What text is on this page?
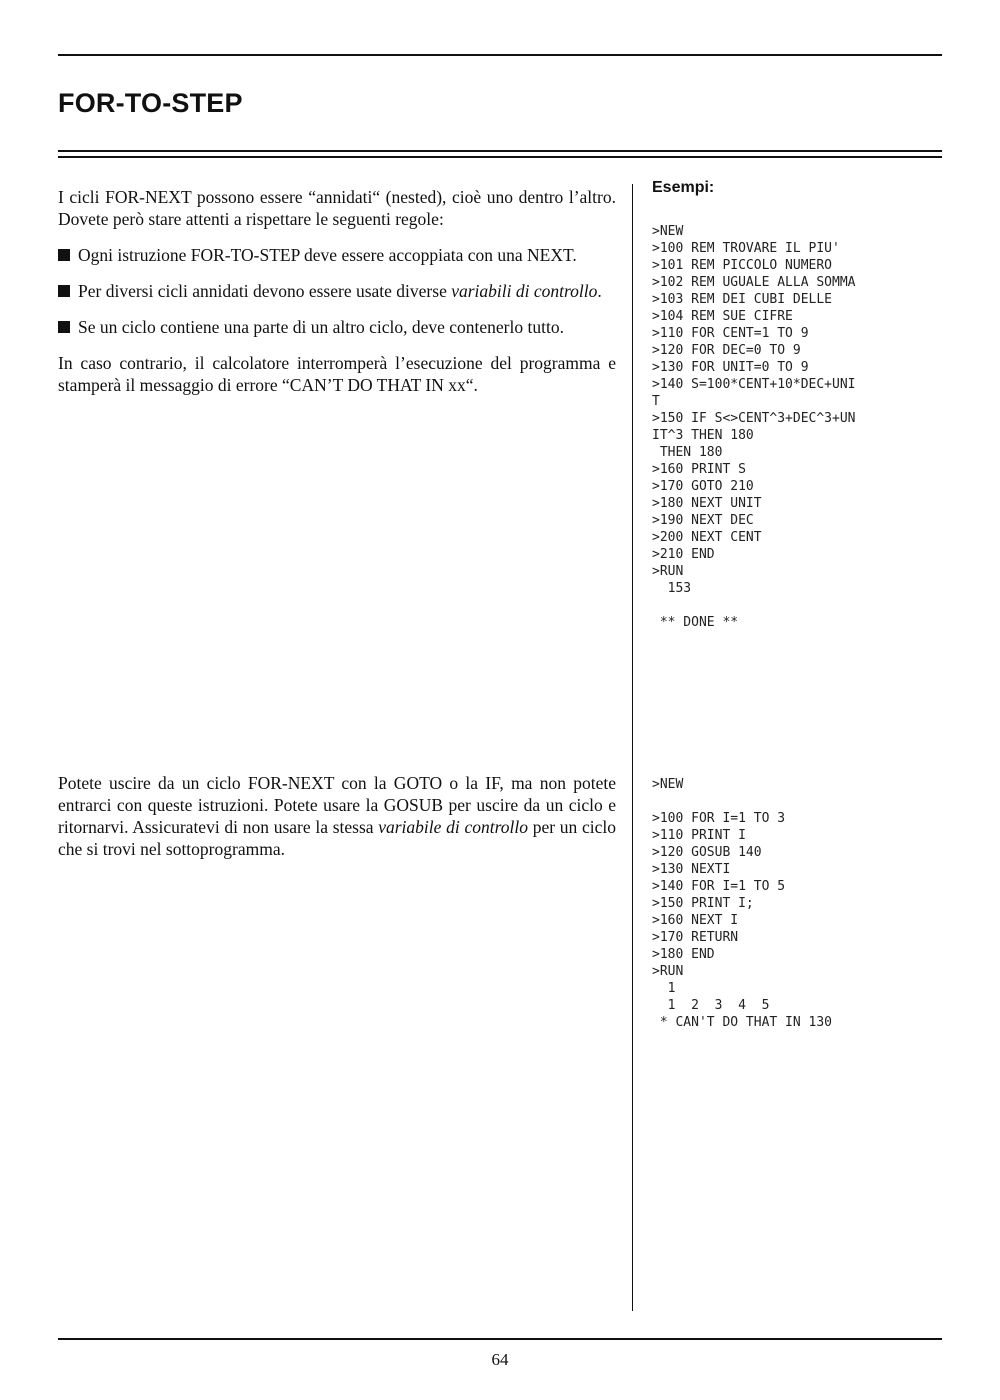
FOR-TO-STEP

I cicli FOR-NEXT possono essere “annidati“ (nested), cioè uno dentro l’altro. Dovete però stare attenti a rispettare le seguenti regole:

Ogni istruzione FOR-TO-STEP deve essere accoppiata con una NEXT.
Per diversi cicli annidati devono essere usate diverse variabili di controllo.
Se un ciclo contiene una parte di un altro ciclo, deve contenerlo tutto.

In caso contrario, il calcolatore interromperà l’esecuzione del programma e stamperà il messaggio di errore “CAN’T DO THAT IN xx“.

Potete uscire da un ciclo FOR-NEXT con la GOTO o la IF, ma non potete entrarci con queste istruzioni. Potete usare la GOSUB per uscire da un ciclo e ritornarvi. Assicuratevi di non usare la stessa variabile di controllo per un ciclo che si trovi nel sottoprogramma.

Esempi:
>NEW
>100 REM TROVARE IL PIU'
>101 REM PICCOLO NUMERO
>102 REM UGUALE ALLA SOMMA
>103 REM DEI CUBI DELLE
>104 REM SUE CIFRE
>110 FOR CENT=1 TO 9
>120 FOR DEC=0 TO 9
>130 FOR UNIT=0 TO 9
>140 S=100*CENT+10*DEC+UNI
T
>150 IF S<>CENT^3+DEC^3+UN
IT^3 THEN 180
THEN 180
>160 PRINT S
>170 GOTO 210
>180 NEXT UNIT
>190 NEXT DEC
>200 NEXT CENT
>210 END
>RUN
153
** DONE **
>NEW
>100 FOR I=1 TO 3
>110 PRINT I
>120 GOSUB 140
>130 NEXTI
>140 FOR I=1 TO 5
>150 PRINT I;
>160 NEXT I
>170 RETURN
>180 END
>RUN
1
1  2  3  4  5
* CAN'T DO THAT IN 130
64
